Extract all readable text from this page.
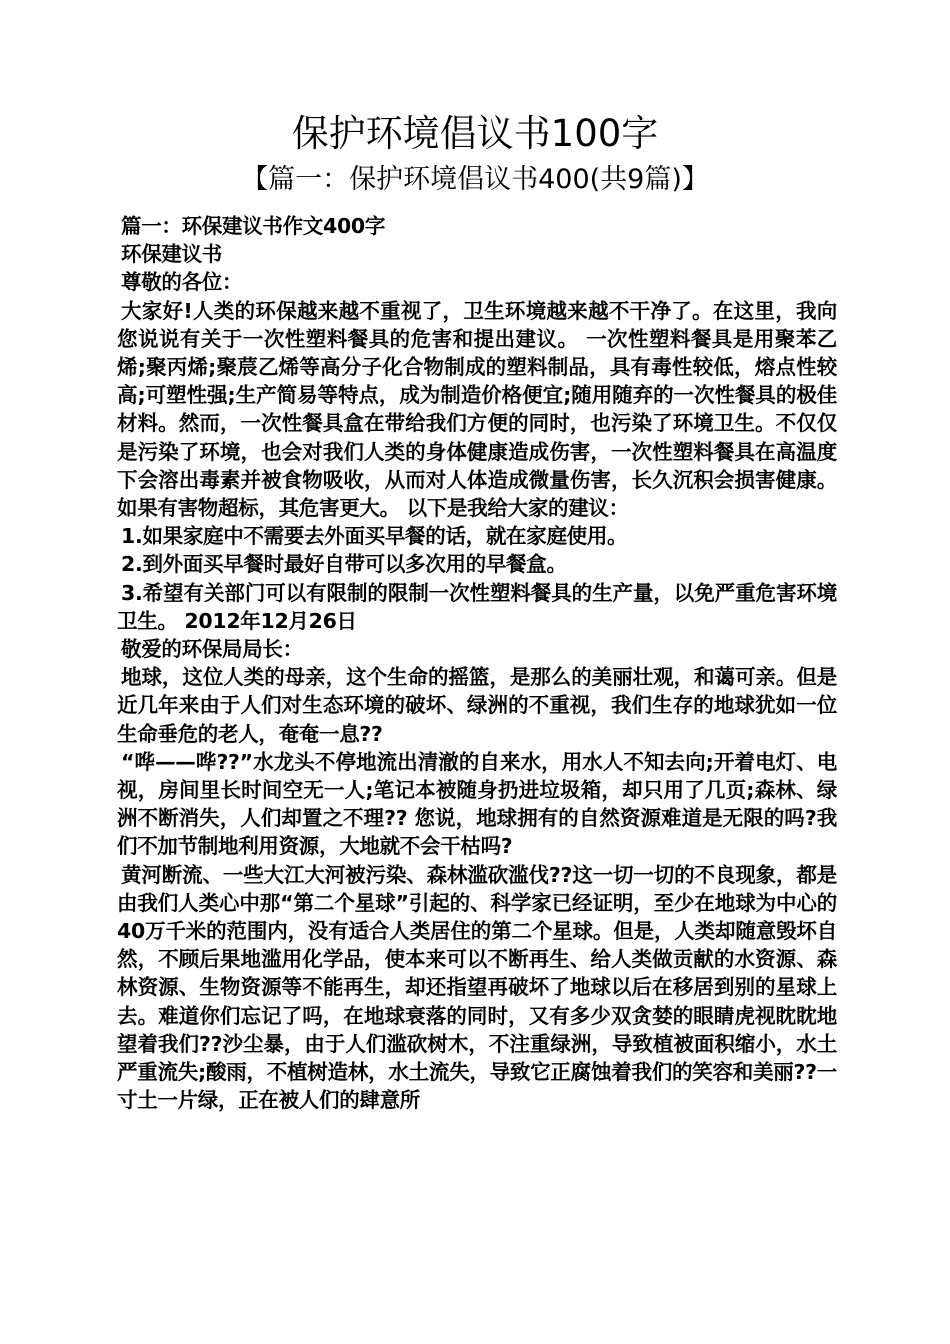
保护环境倡议书100字
【篇一：保护环境倡议书400(共9篇)】

篇一：环保建议书作文400字

环保建议书

尊敬的各位：

大家好!人类的环保越来越不重视了，卫生环境越来越不干净了。在这里，我向您说说有关于一次性塑料餐具的危害和提出建议。 一次性塑料餐具是用聚苯乙烯;聚丙烯;聚莀乙烯等高分子化合物制成的塑料制品，具有毒性较低，熔点性较高;可塑性强;生产简易等特点，成为制造价格便宜;随用随弃的一次性餐具的极佳材料。然而，一次性餐具盒在带给我们方便的同时，也污染了环境卫生。不仅仅是污染了环境，也会对我们人类的身体健康造成伤害，一次性塑料餐具在高温度下会溶出毒素并被食物吸收，从而对人体造成微量伤害，长久沉积会损害健康。如果有害物超标，其危害更大。 以下是我给大家的建议：

1.如果家庭中不需要去外面买早餐的话，就在家庭使用。

2.到外面买早餐时最好自带可以多次用的早餐盒。

3.希望有关部门可以有限制的限制一次性塑料餐具的生产量，以免严重危害环境卫生。 2012年12月26日

敬爱的环保局局长：

地球，这位人类的母亲，这个生命的摇篮，是那么的美丽壮观，和蔼可亲。但是近几年来由于人们对生态环境的破坏、绿洲的不重视，我们生存的地球犹如一位生命垂危的老人，奄奄一息??

“哗——哗??”水龙头不停地流出清澈的自来水，用水人不知去向;开着电灯、电视，房间里长时间空无一人;笔记本被随身扔进垃圾箱，却只用了几页;森林、绿洲不断消失，人们却置之不理?? 您说，地球拥有的自然资源难道是无限的吗?我们不加节制地利用资源，大地就不会干枯吗?

黄河断流、一些大江大河被污染、森林滥砍滥伐??这一切一切的不良现象，都是由我们人类心中那“第二个星球”引起的、科学家已经证明，至少在地球为中心的40万千米的范围内，没有适合人类居住的第二个星球。但是，人类却随意毁坏自然，不顾后果地滥用化学品，使本来可以不断再生、给人类做贡献的水资源、森林资源、生物资源等不能再生，却还指望再破坏了地球以后在移居到别的星球上去。难道你们忘记了吗，在地球衰落的同时，又有多少双贪婪的眼睛虎视眈眈地望着我们??沙尘暴，由于人们滥砍树木，不注重绿洲，导致植被面积缩小，水土严重流失;酸雨，不植树造林，水土流失，导致它正腐蚀着我们的笑容和美丽??一寸土一片绿，正在被人们的肆意所
